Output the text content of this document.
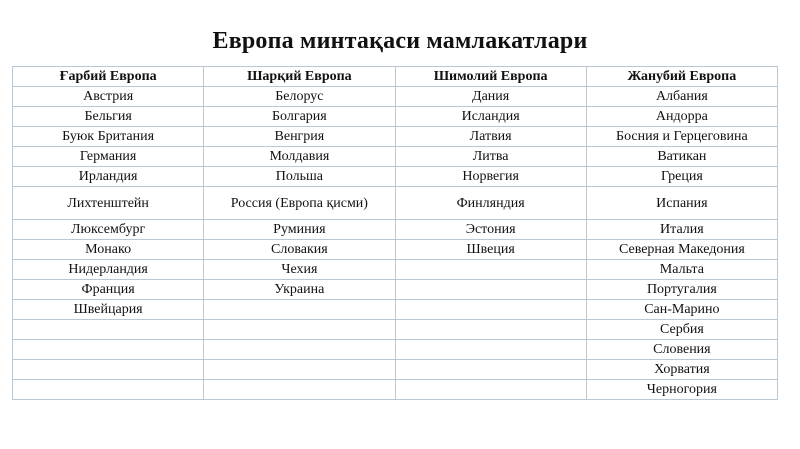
Европа минтақаси мамлакатлари
Ғарбий Европа	Шарқий Европа	Шимолий Европа	Жанубий Европа
Австрия	Белорус	Дания	Албания
Бельгия	Болгария	Исландия	Андорра
Буюк Британия	Венгрия	Латвия	Босния и Герцеговина
Германия	Молдавия	Литва	Ватикан
Ирландия	Польша	Норвегия	Греция
Лихтенштейн	Россия (Европа қисми)	Финляндия	Испания
Люксембург	Руминия	Эстония	Италия
Монако	Словакия	Швеция	Северная Македония
Нидерландия	Чехия		Мальта
Франция	Украина		Португалия
Швейцария			Сан-Марино
			Сербия
			Словения
			Хорватия
			Черногория
